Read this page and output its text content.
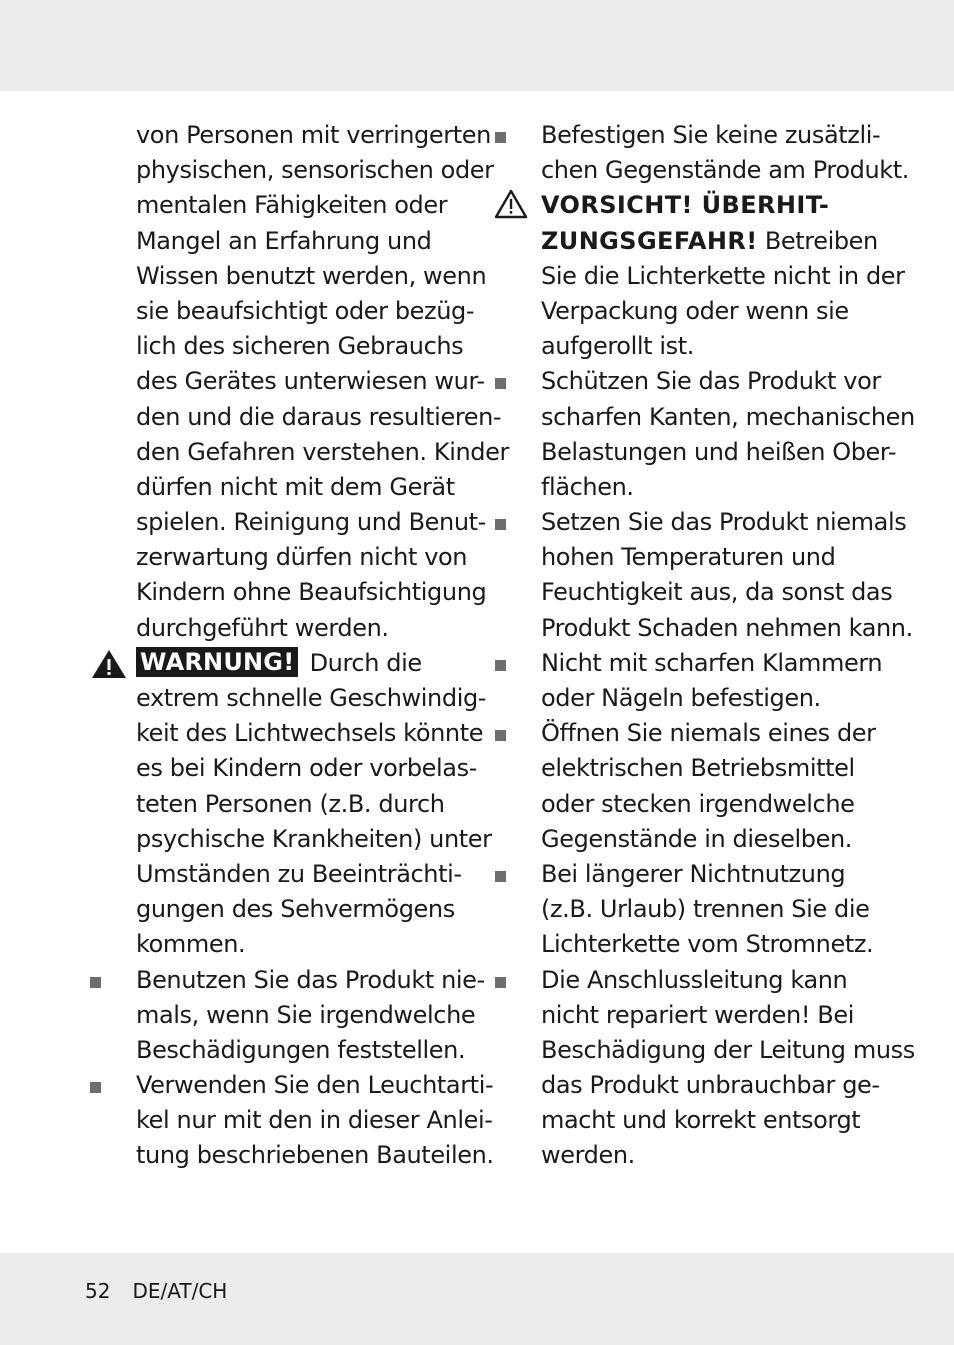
von Personen mit verringerten
physischen, sensorischen oder
mentalen Fähigkeiten oder
Mangel an Erfahrung und
Wissen benutzt werden, wenn
sie beaufsichtigt oder bezüg-
lich des sicheren Gebrauchs
des Gerätes unterwiesen wur-
den und die daraus resultieren-
den Gefahren verstehen. Kinder
dürfen nicht mit dem Gerät
spielen. Reinigung und Benut-
zerwartung dürfen nicht von
Kindern ohne Beaufsichtigung
durchgeführt werden.
WARNUNG! Durch die
extrem schnelle Geschwindig-
keit des Lichtwechsels könnte
es bei Kindern oder vorbelas-
teten Personen (z.B. durch
psychische Krankheiten) unter
Umständen zu Beeinträchti-
gungen des Sehvermögens
kommen.
Benutzen Sie das Produkt nie-
mals, wenn Sie irgendwelche
Beschädigungen feststellen.
Verwenden Sie den Leuchtarti-
kel nur mit den in dieser Anlei-
tung beschriebenen Bauteilen.
Befestigen Sie keine zusätzli-
chen Gegenstände am Produkt.
VORSICHT! ÜBERHIT-
ZUNGSGEFAHR! Betreiben
Sie die Lichterkette nicht in der
Verpackung oder wenn sie
aufgerollt ist.
Schützen Sie das Produkt vor
scharfen Kanten, mechanischen
Belastungen und heißen Ober-
flächen.
Setzen Sie das Produkt niemals
hohen Temperaturen und
Feuchtigkeit aus, da sonst das
Produkt Schaden nehmen kann.
Nicht mit scharfen Klammern
oder Nägeln befestigen.
Öffnen Sie niemals eines der
elektrischen Betriebsmittel
oder stecken irgendwelche
Gegenstände in dieselben.
Bei längerer Nichtnutzung
(z.B. Urlaub) trennen Sie die
Lichterkette vom Stromnetz.
Die Anschlussleitung kann
nicht repariert werden! Bei
Beschädigung der Leitung muss
das Produkt unbrauchbar ge-
macht und korrekt entsorgt
werden.
52 DE/AT/CH
